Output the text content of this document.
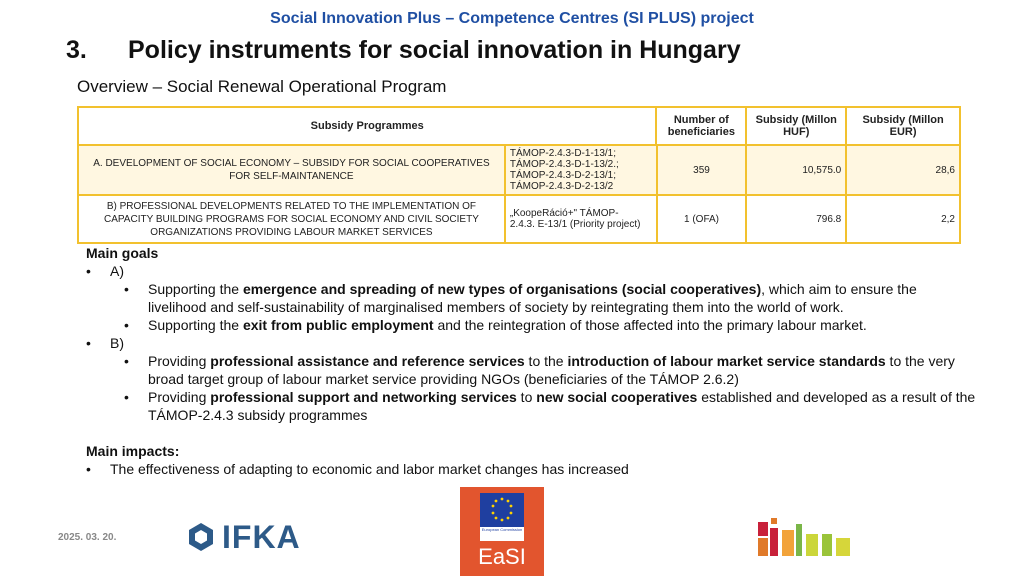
Social Innovation Plus – Competence Centres (SI PLUS) project
3. Policy instruments for social innovation in Hungary
Overview – Social Renewal Operational Program
Subsidy Programmes	Number of beneficiaries	Subsidy (Millon HUF)	Subsidy (Millon EUR)
A. DEVELOPMENT OF SOCIAL ECONOMY – SUBSIDY FOR SOCIAL COOPERATIVES FOR SELF-MAINTANENCE	TÁMOP-2.4.3-D-1-13/1;
TÁMOP-2.4.3-D-1-13/2.;
TÁMOP-2.4.3-D-2-13/1;
TÁMOP-2.4.3-D-2-13/2	359	10,575.0	28,6
B) PROFESSIONAL DEVELOPMENTS RELATED TO THE IMPLEMENTATION OF CAPACITY BUILDING PROGRAMS FOR SOCIAL ECONOMY AND CIVIL SOCIETY ORGANIZATIONS PROVIDING LABOUR MARKET SERVICES	„KoopeRáció+" TÁMOP-
2.4.3. E-13/1 (Priority project)	1 (OFA)	796.8	2,2
Main goals
• A)
• Supporting the emergence and spreading of new types of organisations (social cooperatives), which aim to ensure the livelihood and self-sustainability of marginalised members of society by reintegrating them into the world of work.
• Supporting the exit from public employment and the reintegration of those affected into the primary labour market.
• B)
• Providing professional assistance and reference services to the introduction of labour market service standards to the very broad target group of labour market service providing NGOs (beneficiaries of the TÁMOP 2.6.2)
• Providing professional support and networking services to new social cooperatives established and developed as a result of the TÁMOP-2.4.3 subsidy programmes
Main impacts:
• The effectiveness of adapting to economic and labor market changes has increased
2025. 03. 20.	IFKA	European Commission
EaSI
